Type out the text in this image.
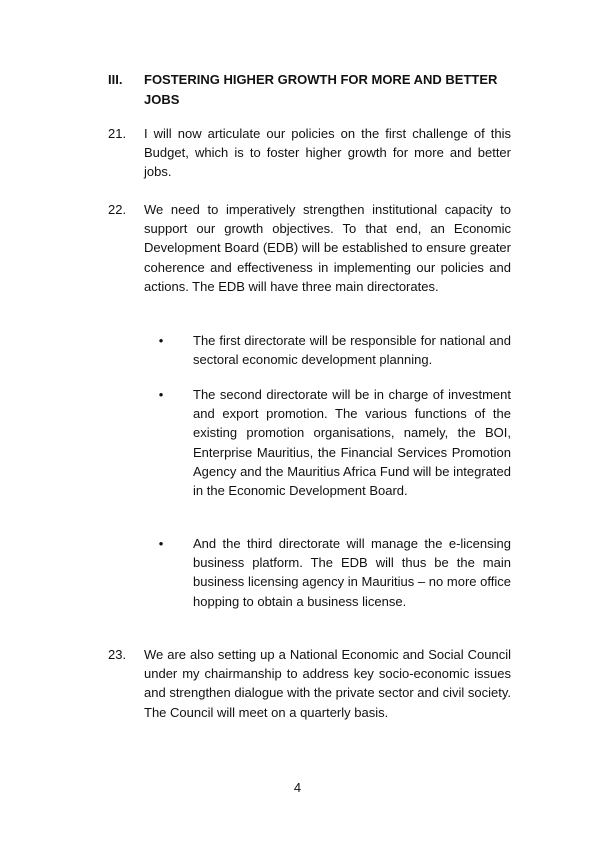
III. FOSTERING HIGHER GROWTH FOR MORE AND BETTER JOBS
21. I will now articulate our policies on the first challenge of this Budget, which is to foster higher growth for more and better jobs.
22. We need to imperatively strengthen institutional capacity to support our growth objectives. To that end, an Economic Development Board (EDB) will be established to ensure greater coherence and effectiveness in implementing our policies and actions. The EDB will have three main directorates.
• The first directorate will be responsible for national and sectoral economic development planning.
• The second directorate will be in charge of investment and export promotion. The various functions of the existing promotion organisations, namely, the BOI, Enterprise Mauritius, the Financial Services Promotion Agency and the Mauritius Africa Fund will be integrated in the Economic Development Board.
• And the third directorate will manage the e-licensing business platform. The EDB will thus be the main business licensing agency in Mauritius – no more office hopping to obtain a business license.
23. We are also setting up a National Economic and Social Council under my chairmanship to address key socio-economic issues and strengthen dialogue with the private sector and civil society. The Council will meet on a quarterly basis.
4
